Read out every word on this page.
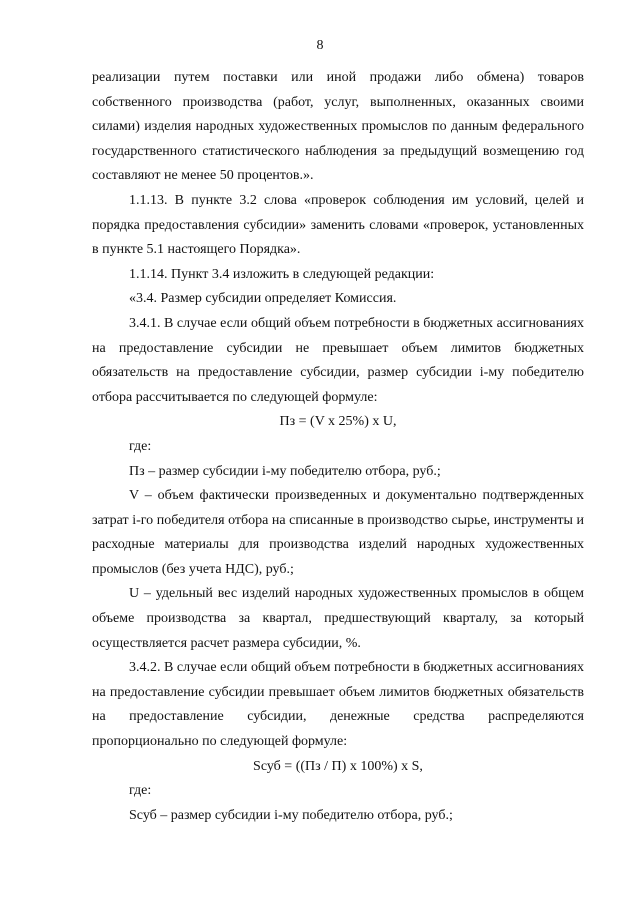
8

реализации путем поставки или иной продажи либо обмена) товаров собственного производства (работ, услуг, выполненных, оказанных своими силами) изделия народных художественных промыслов по данным федерального государственного статистического наблюдения за предыдущий возмещению год составляют не менее 50 процентов.».

1.1.13. В пункте 3.2 слова «проверок соблюдения им условий, целей и порядка предоставления субсидии» заменить словами «проверок, установленных в пункте 5.1 настоящего Порядка».

1.1.14. Пункт 3.4 изложить в следующей редакции:

«3.4. Размер субсидии определяет Комиссия.

3.4.1. В случае если общий объем потребности в бюджетных ассигнованиях на предоставление субсидии не превышает объем лимитов бюджетных обязательств на предоставление субсидии, размер субсидии i-му победителю отбора рассчитывается по следующей формуле:

Пз = (V x 25%) x U,

где:

Пз – размер субсидии i-му победителю отбора, руб.;

V – объем фактически произведенных и документально подтвержденных затрат i-го победителя отбора на списанные в производство сырье, инструменты и расходные материалы для производства изделий народных художественных промыслов (без учета НДС), руб.;

U – удельный вес изделий народных художественных промыслов в общем объеме производства за квартал, предшествующий кварталу, за который осуществляется расчет размера субсидии, %.

3.4.2. В случае если общий объем потребности в бюджетных ассигнованиях на предоставление субсидии превышает объем лимитов бюджетных обязательств на предоставление субсидии, денежные средства распределяются пропорционально по следующей формуле:

Sсуб = ((Пз / П) x 100%) x S,

где:

Sсуб – размер субсидии i-му победителю отбора, руб.;
